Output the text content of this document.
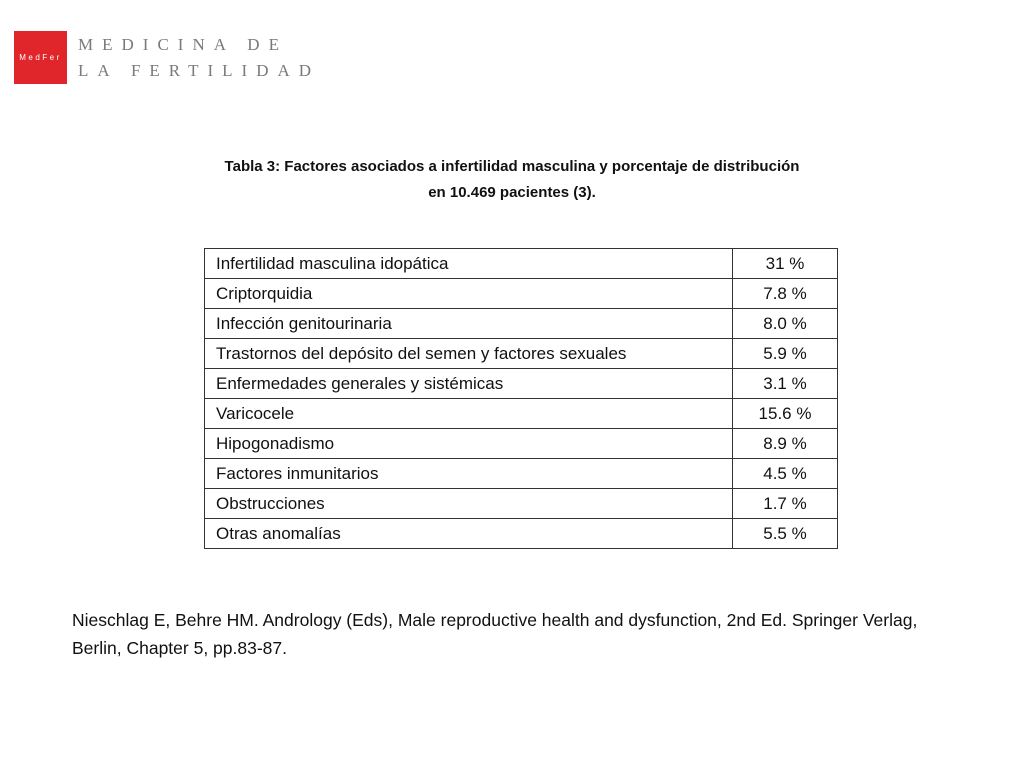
MedFer
MEDICINA DE
LA FERTILIDAD
Tabla 3: Factores asociados a infertilidad masculina y porcentaje de distribución
en 10.469 pacientes (3).
Infertilidad masculina idopática	31 %
Criptorquidia	7.8 %
Infección genitourinaria	8.0 %
Trastornos del depósito del semen y factores sexuales	5.9 %
Enfermedades generales y sistémicas	3.1 %
Varicocele	15.6 %
Hipogonadismo	8.9 %
Factores inmunitarios	4.5 %
Obstrucciones	1.7 %
Otras anomalías	5.5 %
Nieschlag E, Behre HM. Andrology (Eds), Male reproductive health and dysfunction, 2nd Ed. Springer Verlag,
Berlin, Chapter 5, pp.83-87.
